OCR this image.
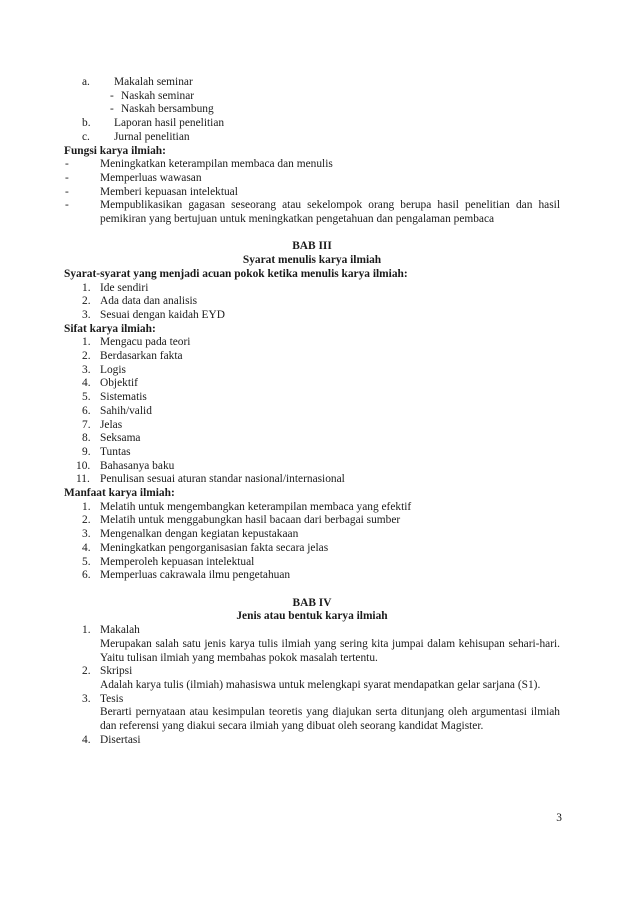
a. Makalah seminar
- Naskah seminar
- Naskah bersambung
b. Laporan hasil penelitian
c. Jurnal penelitian
Fungsi karya ilmiah:
-	Meningkatkan keterampilan membaca dan menulis
-	Memperluas wawasan
-	Memberi kepuasan intelektual
-	Mempublikasikan gagasan seseorang atau sekelompok orang berupa hasil penelitian dan hasil pemikiran yang bertujuan untuk meningkatkan pengetahuan dan pengalaman pembaca
BAB III
Syarat menulis karya ilmiah
Syarat-syarat yang menjadi acuan pokok ketika menulis karya ilmiah:
1. Ide sendiri
2. Ada data dan analisis
3. Sesuai dengan kaidah EYD
Sifat karya ilmiah:
1. Mengacu pada teori
2. Berdasarkan fakta
3. Logis
4. Objektif
5. Sistematis
6. Sahih/valid
7. Jelas
8. Seksama
9. Tuntas
10. Bahasanya baku
11. Penulisan sesuai aturan standar nasional/internasional
Manfaat karya ilmiah:
1. Melatih untuk mengembangkan keterampilan membaca yang efektif
2. Melatih untuk menggabungkan hasil bacaan dari berbagai sumber
3. Mengenalkan dengan kegiatan kepustakaan
4. Meningkatkan pengorganisasian fakta secara jelas
5. Memperoleh kepuasan intelektual
6. Memperluas cakrawala ilmu pengetahuan
BAB IV
Jenis atau bentuk karya ilmiah
1. Makalah
Merupakan salah satu jenis karya tulis ilmiah yang sering kita jumpai dalam kehisupan sehari-hari. Yaitu tulisan ilmiah yang membahas pokok masalah tertentu.
2. Skripsi
Adalah karya tulis (ilmiah) mahasiswa untuk melengkapi syarat mendapatkan gelar sarjana (S1).
3. Tesis
Berarti pernyataan atau kesimpulan teoretis yang diajukan serta ditunjang oleh argumentasi ilmiah dan referensi yang diakui secara ilmiah yang dibuat oleh seorang kandidat Magister.
4. Disertasi
3
